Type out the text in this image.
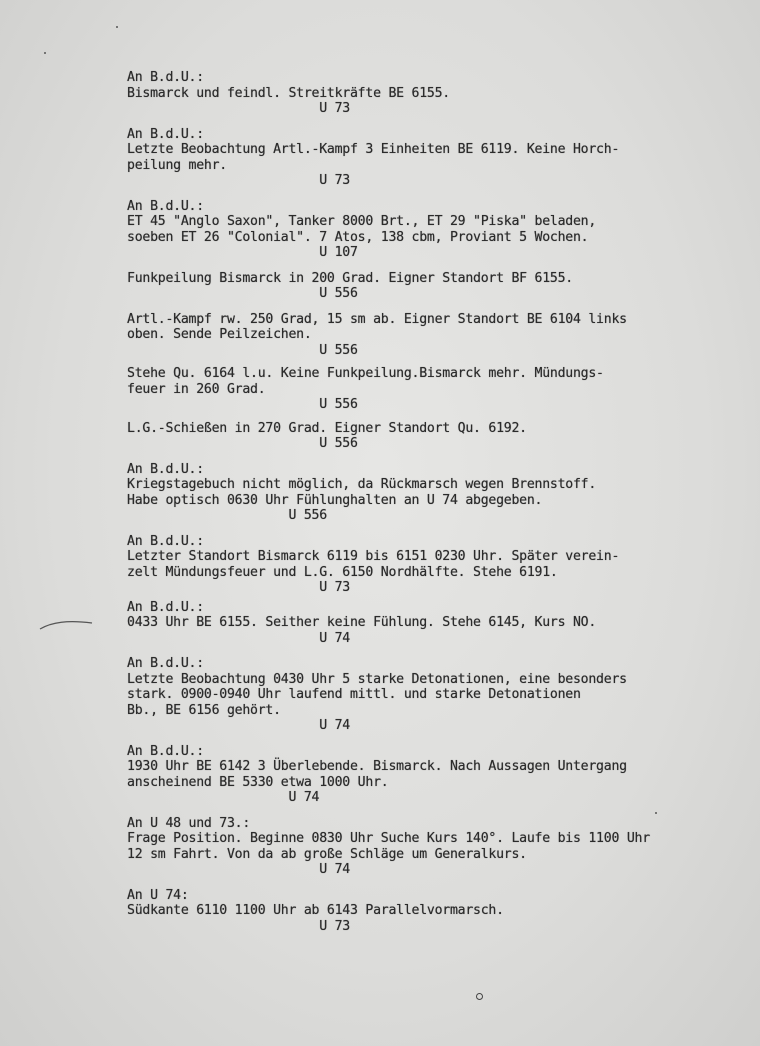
An B.d.U.:
Bismarck und feindl. Streitkräfte BE 6155.
U 73
An B.d.U.:
Letzte Beobachtung Artl.-Kampf 3 Einheiten BE 6119. Keine Horch-
peilung mehr.
U 73
An B.d.U.:
ET 45 "Anglo Saxon", Tanker 8000 Brt., ET 29 "Piska" beladen,
soeben ET 26 "Colonial". 7 Atos, 138 cbm, Proviant 5 Wochen.
U 107
Funkpeilung Bismarck in 200 Grad. Eigner Standort BF 6155.
U 556
Artl.-Kampf rw. 250 Grad, 15 sm ab. Eigner Standort BE 6104 links
oben. Sende Peilzeichen.
U 556
Stehe Qu. 6164 l.u. Keine Funkpeilung.Bismarck mehr. Mündungs-
feuer in 260 Grad.
U 556
L.G.-Schießen in 270 Grad. Eigner Standort Qu. 6192.
U 556
An B.d.U.:
Kriegstagebuch nicht möglich, da Rückmarsch wegen Brennstoff.
Habe optisch 0630 Uhr Fühlunghalten an U 74 abgegeben.
U 556
An B.d.U.:
Letzter Standort Bismarck 6119 bis 6151 0230 Uhr. Später verein-
zelt Mündungsfeuer und L.G. 6150 Nordhälfte. Stehe 6191.
U 73
An B.d.U.:
0433 Uhr BE 6155. Seither keine Fühlung. Stehe 6145, Kurs NO.
U 74
An B.d.U.:
Letzte Beobachtung 0430 Uhr 5 starke Detonationen, eine besonders
stark. 0900-0940 Uhr laufend mittl. und starke Detonationen
Bb., BE 6156 gehört.
U 74
An B.d.U.:
1930 Uhr BE 6142 3 Überlebende. Bismarck. Nach Aussagen Untergang
anscheinend BE 5330 etwa 1000 Uhr.
U 74
An U 48 und 73.:
Frage Position. Beginne 0830 Uhr Suche Kurs 140°. Laufe bis 1100 Uhr
12 sm Fahrt. Von da ab große Schläge um Generalkurs.
U 74
An U 74:
Südkante 6110 1100 Uhr ab 6143 Parallelvormarsch.
U 73
